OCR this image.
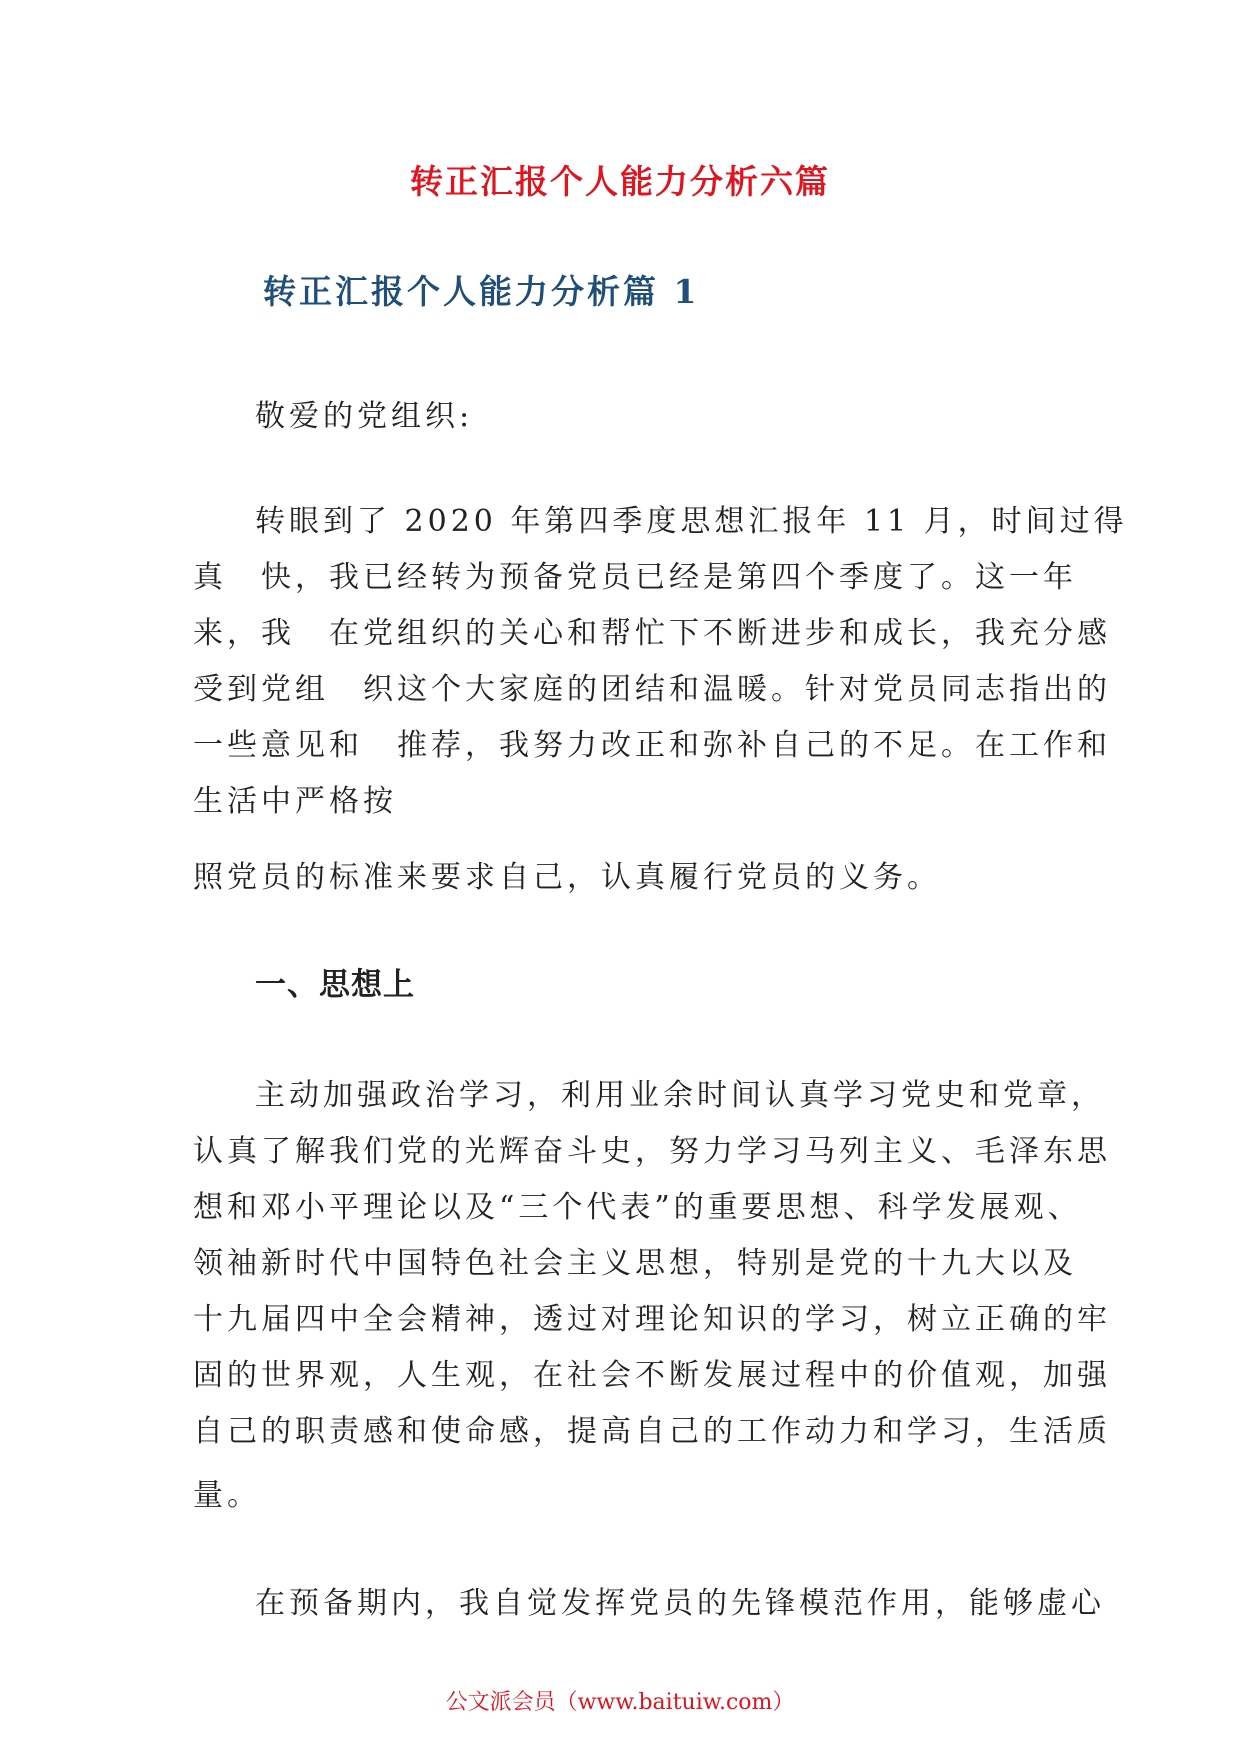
转正汇报个人能力分析六篇
转正汇报个人能力分析篇 1
敬爱的党组织:
转眼到了 2020 年第四季度思想汇报年 11 月，时间过得
真　快，我已经转为预备党员已经是第四个季度了。这一年
来，我　在党组织的关心和帮忙下不断进步和成长，我充分感
受到党组　织这个大家庭的团结和温暖。针对党员同志指出的
一些意见和　推荐，我努力改正和弥补自己的不足。在工作和
生活中严格按
照党员的标准来要求自己，认真履行党员的义务。
一、思想上
主动加强政治学习，利用业余时间认真学习党史和党章，
认真了解我们党的光辉奋斗史，努力学习马列主义、毛泽东思
想和邓小平理论以及“三个代表”的重要思想、科学发展观、
领袖新时代中国特色社会主义思想，特别是党的十九大以及
十九届四中全会精神，透过对理论知识的学习，树立正确的牢
固的世界观，人生观，在社会不断发展过程中的价值观，加强
自己的职责感和使命感，提高自己的工作动力和学习，生活质
量。
在预备期内，我自觉发挥党员的先锋模范作用，能够虚心
公文派会员（www.baituiw.com）
